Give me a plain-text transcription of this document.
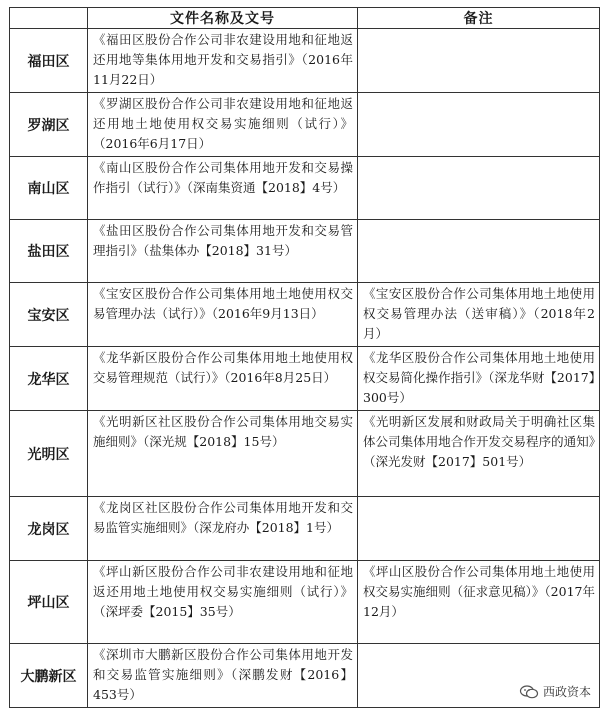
	文件名称及文号	备注
福田区	《福田区股份合作公司非农建设用地和征地返还用地等集体用地开发和交易指引》（2016年11月22日）	
罗湖区	《罗湖区股份合作公司非农建设用地和征地返还用地土地使用权交易实施细则（试行）》（2016年6月17日）	
南山区	《南山区股份合作公司集体用地开发和交易操作指引（试行）》（深南集资通【2018】4号）	
盐田区	《盐田区股份合作公司集体用地开发和交易管理指引》（盐集体办【2018】31号）	
宝安区	《宝安区股份合作公司集体用地土地使用权交易管理办法（试行）》（2016年9月13日）	《宝安区股份合作公司集体用地土地使用权交易管理办法（送审稿）》（2018年2月）
龙华区	《龙华新区股份合作公司集体用地土地使用权交易管理规范（试行）》（2016年8月25日）	《龙华区股份合作公司集体用地土地使用权交易简化操作指引》（深龙华财【2017】300号）
光明区	《光明新区社区股份合作公司集体用地交易实施细则》（深光规【2018】15号）	《光明新区发展和财政局关于明确社区集体公司集体用地合作开发交易程序的通知》（深光发财【2017】501号）
龙岗区	《龙岗区社区股份合作公司集体用地开发和交易监管实施细则》（深龙府办【2018】1号）	
坪山区	《坪山新区股份合作公司非农建设用地和征地返还用地土地使用权交易实施细则（试行）》（深坪委【2015】35号）	《坪山区股份合作公司集体用地土地使用权交易实施细则（征求意见稿）》（2017年12月）
大鹏新区	《深圳市大鹏新区股份合作公司集体用地开发和交易监管实施细则》（深鹏发财【2016】453号）		西政资本
